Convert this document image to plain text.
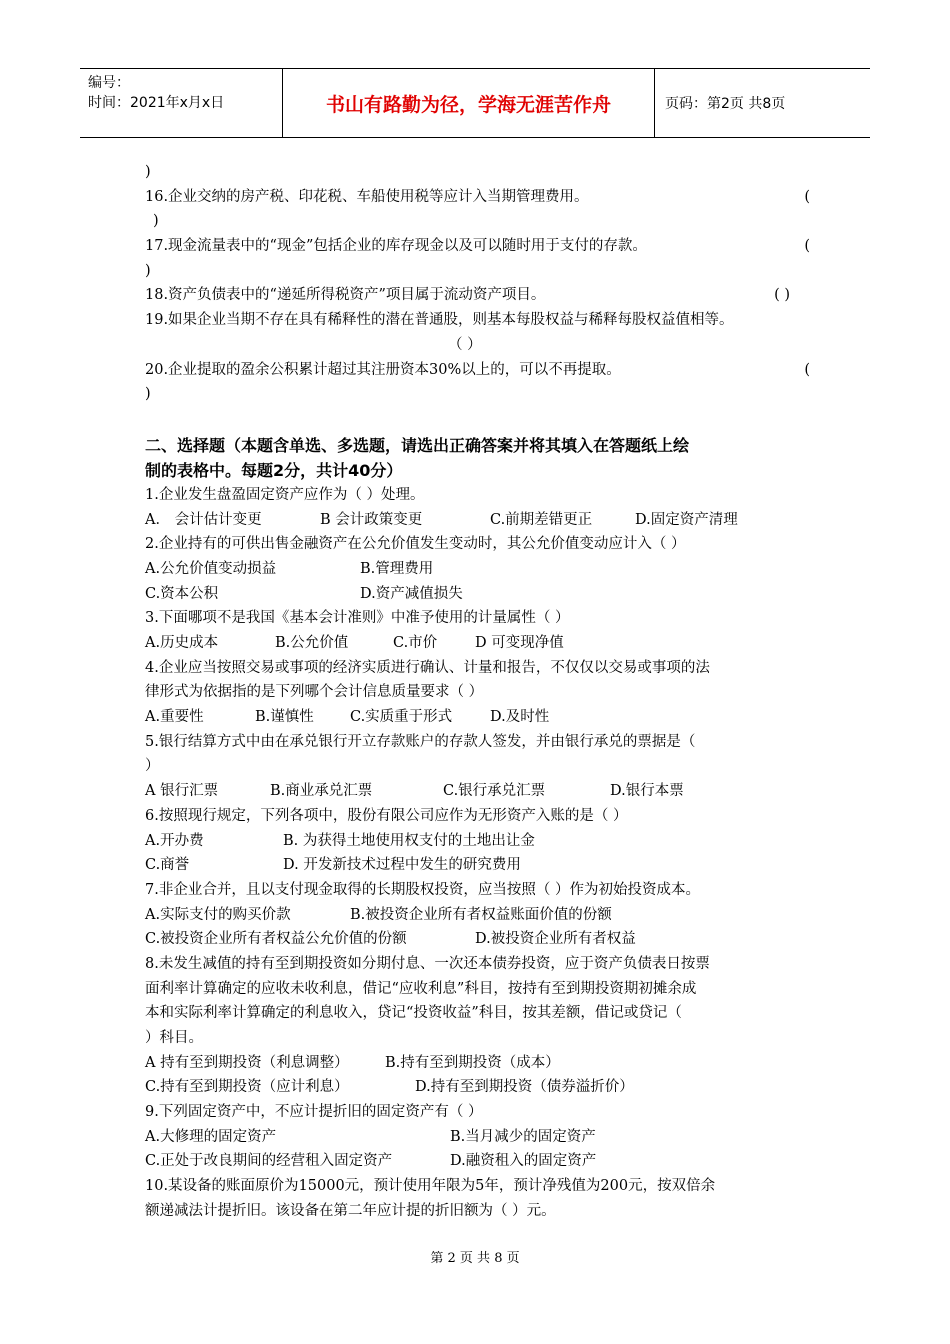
编号：
时间：2021年x月x日	书山有路勤为径，学海无涯苦作舟	页码：第2页 共8页
)
16.企业交纳的房产税、印花税、车船使用税等应计入当期管理费用。	(
)
17.现金流量表中的“现金”包括企业的库存现金以及可以随时用于支付的存款。	(
)
18.资产负债表中的“递延所得税资产”项目属于流动资产项目。	( )
19.如果企业当期不存在具有稀释性的潜在普通股，则基本每股权益与稀释每股权益值相等。
（ ）
20.企业提取的盈余公积累计超过其注册资本30%以上的，可以不再提取。	(
)
二、选择题（本题含单选、多选题，请选出正确答案并将其填入在答题纸上绘
制的表格中。每题2分，共计40分）
1.企业发生盘盈固定资产应作为（ ）处理。
A． 会计估计变更	B 会计政策变更	C.前期差错更正	D.固定资产清理
2.企业持有的可供出售金融资产在公允价值发生变动时，其公允价值变动应计入（ ）
A.公允价值变动损益	B.管理费用
C.资本公积	D.资产减值损失
3.下面哪项不是我国《基本会计准则》中准予使用的计量属性（ ）
A.历史成本	B.公允价值	C.市价	D 可变现净值
4.企业应当按照交易或事项的经济实质进行确认、计量和报告，不仅仅以交易或事项的法
律形式为依据指的是下列哪个会计信息质量要求（ ）
A.重要性	B.谨慎性 C.实质重于形式	D.及时性
5.银行结算方式中由在承兑银行开立存款账户的存款人签发，并由银行承兑的票据是（
）
A 银行汇票	B.商业承兑汇票	C.银行承兑汇票	D.银行本票
6.按照现行规定，下列各项中，股份有限公司应作为无形资产入账的是（ ）
A.开办费	B. 为获得土地使用权支付的土地出让金
C.商誉	D. 开发新技术过程中发生的研究费用
7.非企业合并，且以支付现金取得的长期股权投资，应当按照（ ）作为初始投资成本。
A.实际支付的购买价款	B.被投资企业所有者权益账面价值的份额
C.被投资企业所有者权益公允价值的份额	D.被投资企业所有者权益
8.未发生减值的持有至到期投资如分期付息、一次还本债券投资，应于资产负债表日按票
面利率计算确定的应收未收利息，借记“应收利息”科目，按持有至到期投资期初摊余成
本和实际利率计算确定的利息收入，贷记“投资收益”科目，按其差额，借记或贷记（
）科目。
A 持有至到期投资（利息调整）	B.持有至到期投资（成本）
C.持有至到期投资（应计利息）	D.持有至到期投资（债券溢折价）
9.下列固定资产中，不应计提折旧的固定资产有（ ）
A.大修理的固定资产	B.当月减少的固定资产
C.正处于改良期间的经营租入固定资产	D.融资租入的固定资产
10.某设备的账面原价为15000元，预计使用年限为5年，预计净残值为200元，按双倍余
额递减法计提折旧。该设备在第二年应计提的折旧额为（ ）元。
第 2 页 共 8 页
